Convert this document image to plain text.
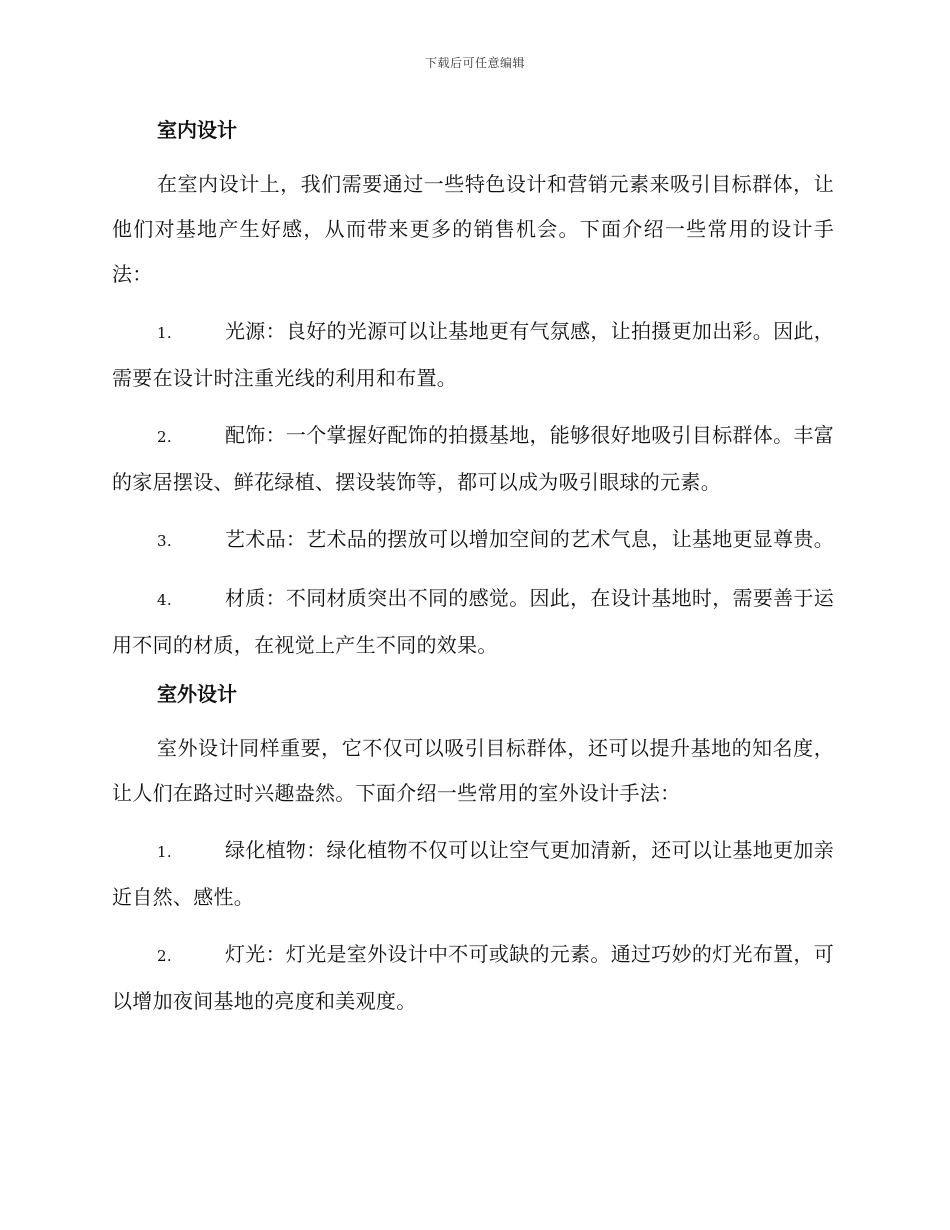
下载后可任意编辑
室内设计

在室内设计上，我们需要通过一些特色设计和营销元素来吸引目标群体，让他们对基地产生好感，从而带来更多的销售机会。下面介绍一些常用的设计手法：

1.	光源：良好的光源可以让基地更有气氛感，让拍摄更加出彩。因此，需要在设计时注重光线的利用和布置。

2.	配饰：一个掌握好配饰的拍摄基地，能够很好地吸引目标群体。丰富的家居摆设、鲜花绿植、摆设装饰等，都可以成为吸引眼球的元素。

3.	艺术品：艺术品的摆放可以增加空间的艺术气息，让基地更显尊贵。

4.	材质：不同材质突出不同的感觉。因此，在设计基地时，需要善于运用不同的材质，在视觉上产生不同的效果。

室外设计

室外设计同样重要，它不仅可以吸引目标群体，还可以提升基地的知名度，让人们在路过时兴趣盎然。下面介绍一些常用的室外设计手法：

1.	绿化植物：绿化植物不仅可以让空气更加清新，还可以让基地更加亲近自然、感性。

2.	灯光：灯光是室外设计中不可或缺的元素。通过巧妙的灯光布置，可以增加夜间基地的亮度和美观度。
